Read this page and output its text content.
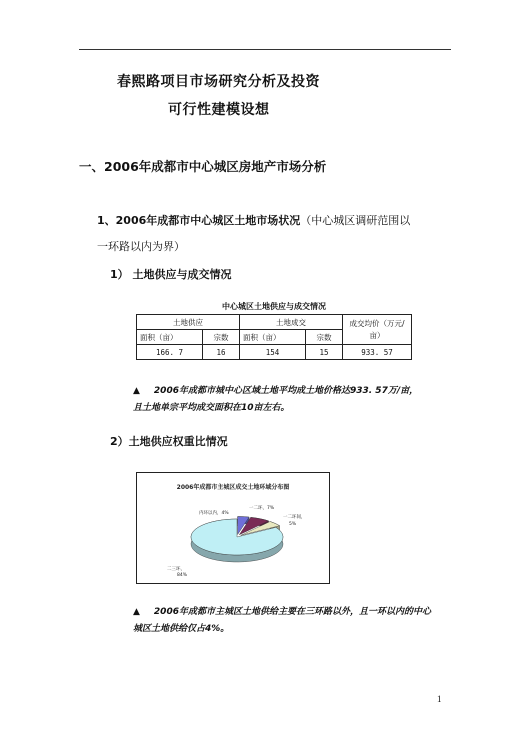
春熙路项目市场研究分析及投资
可行性建模设想
一、2006年成都市中心城区房地产市场分析
1、2006年成都市中心城区土地市场状况（中心城区调研范围以
一环路以内为界）
1） 土地供应与成交情况
中心城区土地供应与成交情况
土地供应		土地成交		成交均价（万元/亩）
面积（亩）	宗数	面积（亩）	宗数	
166. 7	16	154	15	933. 57
▲ 2006年成都市城中心区域土地平均成土地价格达933. 57万/亩，且土地单宗平均成交面积在10亩左右。
2）土地供应权重比情况
2006年成都市主城区成交土地环域分布图
内环以内，4%
一二环，7%
一二环间，
5%
二三环，
84%
▲ 2006年成都市主城区土地供给主要在三环路以外，且一环以内的中心城区土地供给仅占4%。
1
